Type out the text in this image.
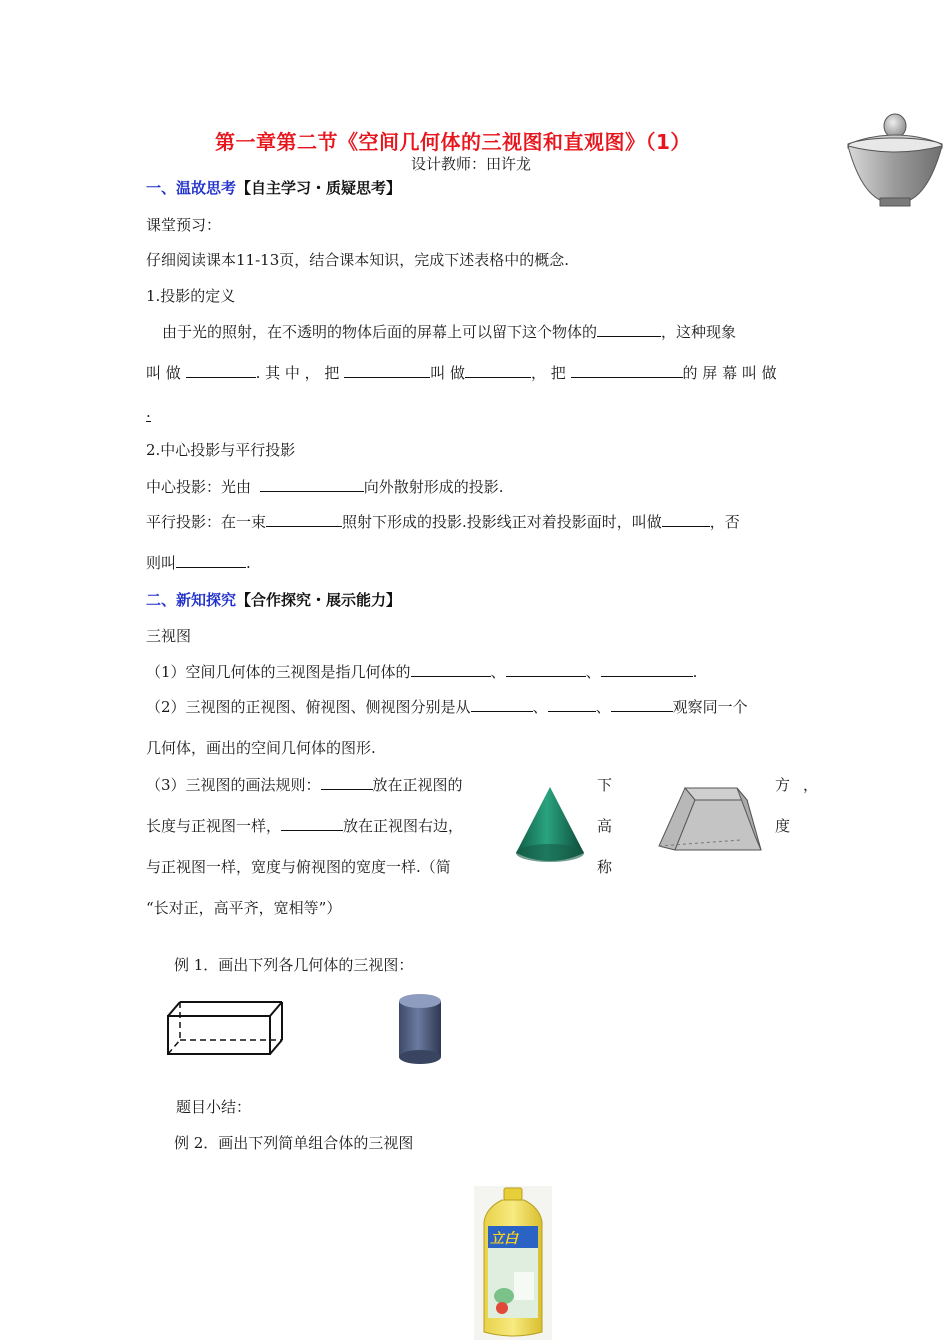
第一章第二节《空间几何体的三视图和直观图》（1）
设计教师：田许龙
一、温故思考【自主学习・质疑思考】
课堂预习：
仔细阅读课本11-13页，结合课本知识，完成下述表格中的概念.
1.投影的定义
由于光的照射，在不透明的物体后面的屏幕上可以留下这个物体的	，这种现象
叫 做	. 其 中 ， 把	叫 做	， 把	的 屏 幕 叫 做
.
2.中心投影与平行投影
中心投影：光由	向外散射形成的投影.
平行投影：在一束	照射下形成的投影.投影线正对着投影面时，叫做	，否
则叫	.
二、新知探究【合作探究・展示能力】
三视图
（1）空间几何体的三视图是指几何体的	、	、	.
（2）三视图的正视图、俯视图、侧视图分别是从	、	、	观察同一个
几何体，画出的空间几何体的图形.
（3）三视图的画法规则：	放在正视图的	下	方 ，
长度与正视图一样，	放在正视图右边，	高	度
与正视图一样，宽度与俯视图的宽度一样.（简	称
“长对正，高平齐，宽相等”）
例 1．画出下列各几何体的三视图：
题目小结：
例 2．画出下列简单组合体的三视图
立白
